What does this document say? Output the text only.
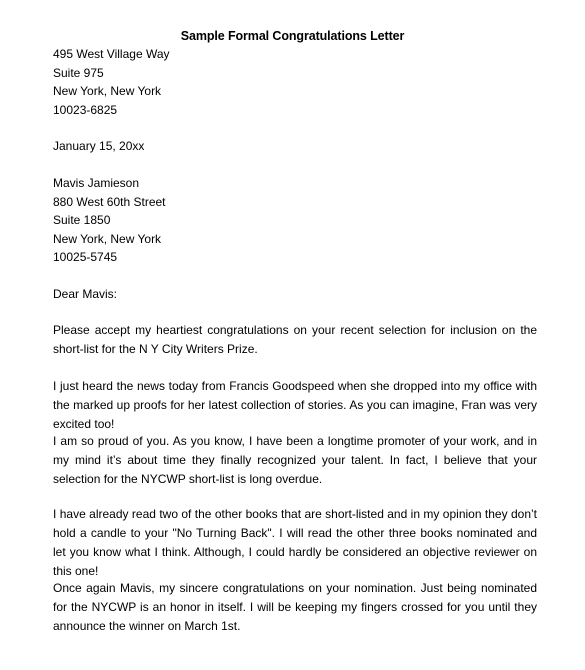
Sample Formal Congratulations Letter
495 West Village Way
Suite 975
New York, New York
10023-6825
January 15, 20xx
Mavis Jamieson
880 West 60th Street
Suite 1850
New York, New York
10025-5745
Dear Mavis:
Please accept my heartiest congratulations on your recent selection for inclusion on the short-list for the N Y City Writers Prize.
I just heard the news today from Francis Goodspeed when she dropped into my office with the marked up proofs for her latest collection of stories. As you can imagine, Fran was very excited too!
I am so proud of you. As you know, I have been a longtime promoter of your work, and in my mind it’s about time they finally recognized your talent. In fact, I believe that your selection for the NYCWP short-list is long overdue.
I have already read two of the other books that are short-listed and in my opinion they don’t hold a candle to your "No Turning Back". I will read the other three books nominated and let you know what I think. Although, I could hardly be considered an objective reviewer on this one!
Once again Mavis, my sincere congratulations on your nomination. Just being nominated for the NYCWP is an honor in itself. I will be keeping my fingers crossed for you until they announce the winner on March 1st.
